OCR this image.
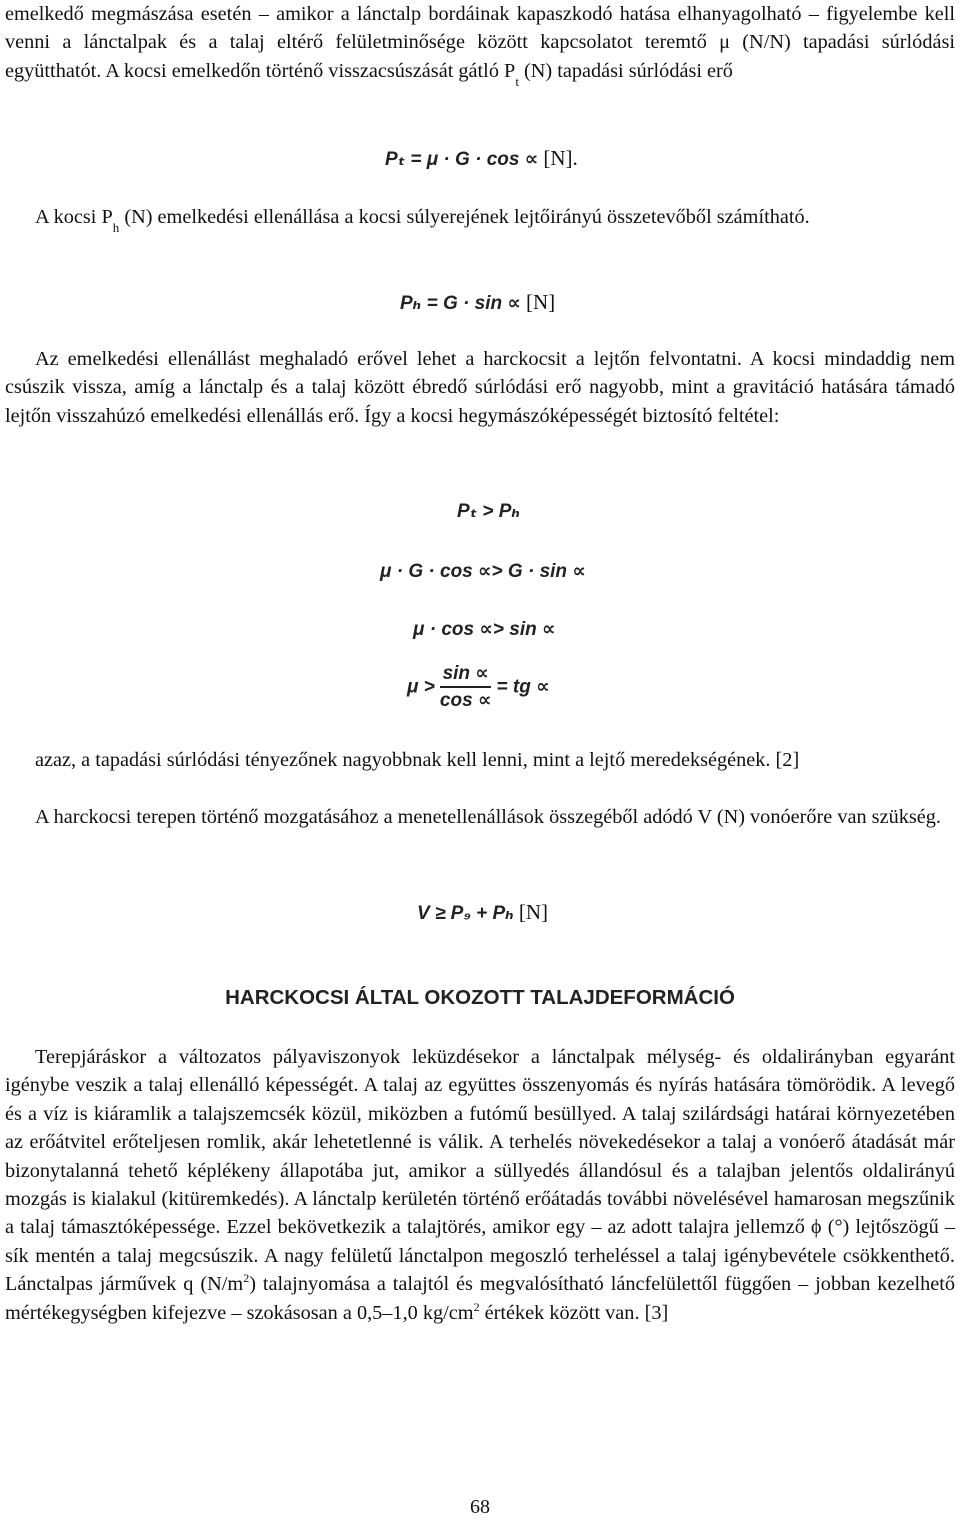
emelkedő megmászása esetén – amikor a lánctalp bordáinak kapaszkodó hatása elhanyagolható – figyelembe kell venni a lánctalpak és a talaj eltérő felületminősége között kapcsolatot teremtő μ (N/N) tapadási súrlódási együtthatót. A kocsi emelkedőn történő visszacsúszását gátló $P_t$ (N) tapadási súrlódási erő

Pₜ = μ · G · cos ∝ [N].

A kocsi $P_h$ (N) emelkedési ellenállása a kocsi súlyerejének lejtőirányú összetevőből számítható.

Pₕ = G · sin ∝ [N]

Az emelkedési ellenállást meghaladó erővel lehet a harckocsit a lejtőn felvontatni. A kocsi mindaddig nem csúszik vissza, amíg a lánctalp és a talaj között ébredő súrlódási erő nagyobb, mint a gravitáció hatására támadó lejtőn visszahúzó emelkedési ellenállás erő. Így a kocsi hegymászóképességét biztosító feltétel:

Pₜ > Pₕ
μ · G · cos ∝> G · sin ∝
μ · cos ∝> sin ∝
$\mu > \frac{\sin \propto}{\cos \propto}$ = tg ∝

azaz, a tapadási súrlódási tényezőnek nagyobbnak kell lenni, mint a lejtő meredekségének. [2]

A harckocsi terepen történő mozgatásához a menetellenállások összegéből adódó V (N) vonóerőre van szükség.

V ≥ P₉ + Pₕ [N]
HARCKOCSI ÁLTAL OKOZOTT TALAJDEFORMÁCIÓ

Terepjáráskor a változatos pályaviszonyok leküzdésekor a lánctalpak mélység- és oldalirányban egyaránt igénybe veszik a talaj ellenálló képességét. A talaj az együttes összenyomás és nyírás hatására tömörödik. A levegő és a víz is kiáramlik a talajszemcsék közül, miközben a futómű besüllyed. A talaj szilárdsági határai környezetében az erőátvitel erőteljesen romlik, akár lehetetlenné is válik. A terhelés növekedésekor a talaj a vonóerő átadását már bizonytalanná tehető képlékeny állapotába jut, amikor a süllyedés állandósul és a talajban jelentős oldalirányú mozgás is kialakul (kitüremkedés). A lánctalp kerületén történő erőátadás további növelésével hamarosan megszűnik a talaj támasztóképessége. Ezzel bekövetkezik a talajtörés, amikor egy – az adott talajra jellemző ϕ (°) lejtőszögű – sík mentén a talaj megcsúszik. A nagy felületű lánctalpon megoszló terheléssel a talaj igénybevétele csökkenthető. Lánctalpas járművek q $(N/m^2)$ talajnyomása a talajtól és megvalósítható láncfelülettől függően – jobban kezelhető mértékegységben kifejezve – szokásosan a 0,5–1,0 $kg/cm^2$ értékek között van. [3]

68
